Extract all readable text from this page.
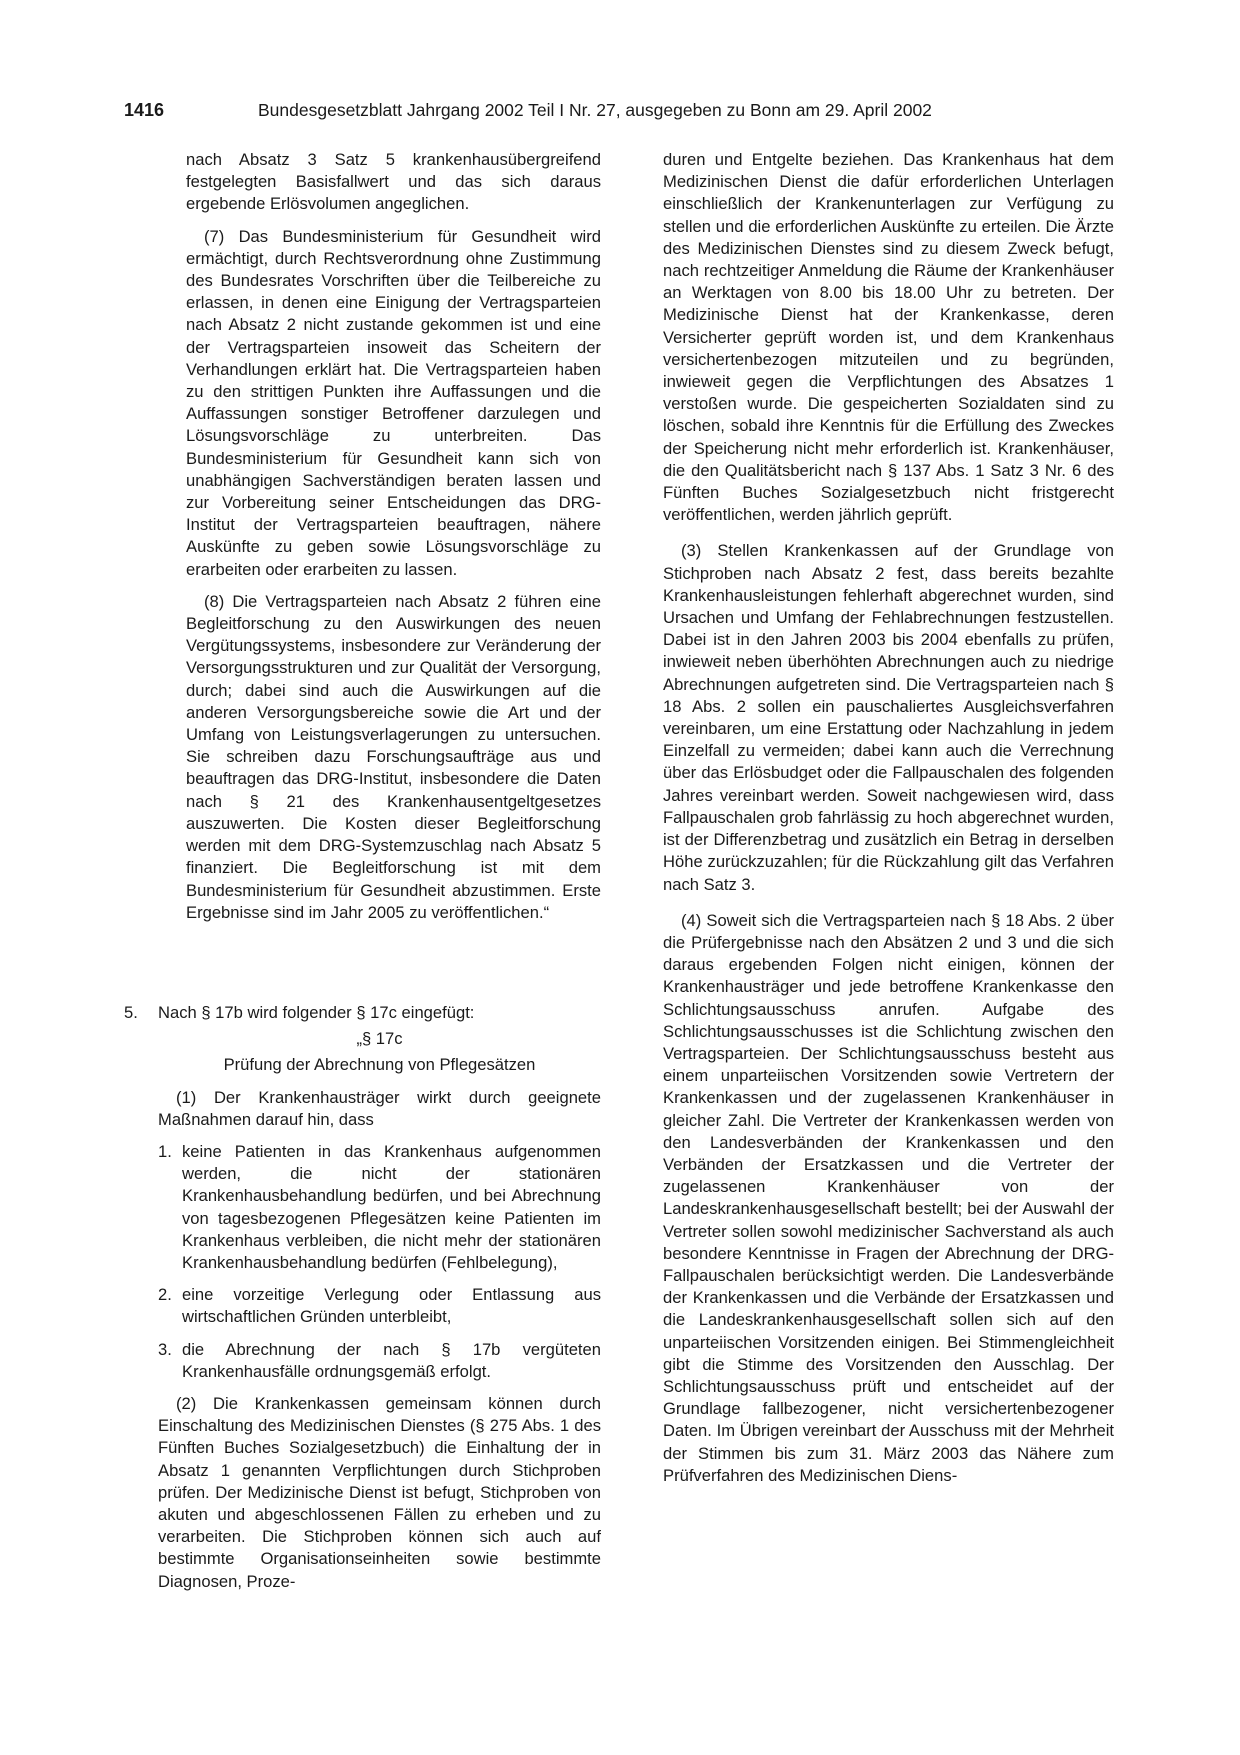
1416	Bundesgesetzblatt Jahrgang 2002 Teil I Nr. 27, ausgegeben zu Bonn am 29. April 2002

nach Absatz 3 Satz 5 krankenhausübergreifend festgelegten Basisfallwert und das sich daraus ergebende Erlösvolumen angeglichen.

(7) Das Bundesministerium für Gesundheit wird ermächtigt, durch Rechtsverordnung ohne Zustimmung des Bundesrates Vorschriften über die Teilbereiche zu erlassen, in denen eine Einigung der Vertragsparteien nach Absatz 2 nicht zustande gekommen ist und eine der Vertragsparteien insoweit das Scheitern der Verhandlungen erklärt hat. Die Vertragsparteien haben zu den strittigen Punkten ihre Auffassungen und die Auffassungen sonstiger Betroffener darzulegen und Lösungsvorschläge zu unterbreiten. Das Bundesministerium für Gesundheit kann sich von unabhängigen Sachverständigen beraten lassen und zur Vorbereitung seiner Entscheidungen das DRG-Institut der Vertragsparteien beauftragen, nähere Auskünfte zu geben sowie Lösungsvorschläge zu erarbeiten oder erarbeiten zu lassen.

(8) Die Vertragsparteien nach Absatz 2 führen eine Begleitforschung zu den Auswirkungen des neuen Vergütungssystems, insbesondere zur Veränderung der Versorgungsstrukturen und zur Qualität der Versorgung, durch; dabei sind auch die Auswirkungen auf die anderen Versorgungsbereiche sowie die Art und der Umfang von Leistungsverlagerungen zu untersuchen. Sie schreiben dazu Forschungsaufträge aus und beauftragen das DRG-Institut, insbesondere die Daten nach § 21 des Krankenhausentgeltgesetzes auszuwerten. Die Kosten dieser Begleitforschung werden mit dem DRG-Systemzuschlag nach Absatz 5 finanziert. Die Begleitforschung ist mit dem Bundesministerium für Gesundheit abzustimmen. Erste Ergebnisse sind im Jahr 2005 zu veröffentlichen.“

5.	Nach § 17b wird folgender § 17c eingefügt:

„§ 17c

Prüfung der Abrechnung von Pflegesätzen

(1) Der Krankenhausträger wirkt durch geeignete Maßnahmen darauf hin, dass

1. keine Patienten in das Krankenhaus aufgenommen werden, die nicht der stationären Krankenhausbehandlung bedürfen, und bei Abrechnung von tagesbezogenen Pflegesätzen keine Patienten im Krankenhaus verbleiben, die nicht mehr der stationären Krankenhausbehandlung bedürfen (Fehlbelegung),
2. eine vorzeitige Verlegung oder Entlassung aus wirtschaftlichen Gründen unterbleibt,
3. die Abrechnung der nach § 17b vergüteten Krankenhausfälle ordnungsgemäß erfolgt.

(2) Die Krankenkassen gemeinsam können durch Einschaltung des Medizinischen Dienstes (§ 275 Abs. 1 des Fünften Buches Sozialgesetzbuch) die Einhaltung der in Absatz 1 genannten Verpflichtungen durch Stichproben prüfen. Der Medizinische Dienst ist befugt, Stichproben von akuten und abgeschlossenen Fällen zu erheben und zu verarbeiten. Die Stichproben können sich auch auf bestimmte Organisationseinheiten sowie bestimmte Diagnosen, Proze-

duren und Entgelte beziehen. Das Krankenhaus hat dem Medizinischen Dienst die dafür erforderlichen Unterlagen einschließlich der Krankenunterlagen zur Verfügung zu stellen und die erforderlichen Auskünfte zu erteilen. Die Ärzte des Medizinischen Dienstes sind zu diesem Zweck befugt, nach rechtzeitiger Anmeldung die Räume der Krankenhäuser an Werktagen von 8.00 bis 18.00 Uhr zu betreten. Der Medizinische Dienst hat der Krankenkasse, deren Versicherter geprüft worden ist, und dem Krankenhaus versichertenbezogen mitzuteilen und zu begründen, inwieweit gegen die Verpflichtungen des Absatzes 1 verstoßen wurde. Die gespeicherten Sozialdaten sind zu löschen, sobald ihre Kenntnis für die Erfüllung des Zweckes der Speicherung nicht mehr erforderlich ist. Krankenhäuser, die den Qualitätsbericht nach § 137 Abs. 1 Satz 3 Nr. 6 des Fünften Buches Sozialgesetzbuch nicht fristgerecht veröffentlichen, werden jährlich geprüft.

(3) Stellen Krankenkassen auf der Grundlage von Stichproben nach Absatz 2 fest, dass bereits bezahlte Krankenhausleistungen fehlerhaft abgerechnet wurden, sind Ursachen und Umfang der Fehlabrechnungen festzustellen. Dabei ist in den Jahren 2003 bis 2004 ebenfalls zu prüfen, inwieweit neben überhöhten Abrechnungen auch zu niedrige Abrechnungen aufgetreten sind. Die Vertragsparteien nach § 18 Abs. 2 sollen ein pauschaliertes Ausgleichsverfahren vereinbaren, um eine Erstattung oder Nachzahlung in jedem Einzelfall zu vermeiden; dabei kann auch die Verrechnung über das Erlösbudget oder die Fallpauschalen des folgenden Jahres vereinbart werden. Soweit nachgewiesen wird, dass Fallpauschalen grob fahrlässig zu hoch abgerechnet wurden, ist der Differenzbetrag und zusätzlich ein Betrag in derselben Höhe zurückzuzahlen; für die Rückzahlung gilt das Verfahren nach Satz 3.

(4) Soweit sich die Vertragsparteien nach § 18 Abs. 2 über die Prüfergebnisse nach den Absätzen 2 und 3 und die sich daraus ergebenden Folgen nicht einigen, können der Krankenhausträger und jede betroffene Krankenkasse den Schlichtungsausschuss anrufen. Aufgabe des Schlichtungsausschusses ist die Schlichtung zwischen den Vertragsparteien. Der Schlichtungsausschuss besteht aus einem unparteiischen Vorsitzenden sowie Vertretern der Krankenkassen und der zugelassenen Krankenhäuser in gleicher Zahl. Die Vertreter der Krankenkassen werden von den Landesverbänden der Krankenkassen und den Verbänden der Ersatzkassen und die Vertreter der zugelassenen Krankenhäuser von der Landeskrankenhausgesellschaft bestellt; bei der Auswahl der Vertreter sollen sowohl medizinischer Sachverstand als auch besondere Kenntnisse in Fragen der Abrechnung der DRG-Fallpauschalen berücksichtigt werden. Die Landesverbände der Krankenkassen und die Verbände der Ersatzkassen und die Landeskrankenhausgesellschaft sollen sich auf den unparteiischen Vorsitzenden einigen. Bei Stimmengleichheit gibt die Stimme des Vorsitzenden den Ausschlag. Der Schlichtungsausschuss prüft und entscheidet auf der Grundlage fallbezogener, nicht versichertenbezogener Daten. Im Übrigen vereinbart der Ausschuss mit der Mehrheit der Stimmen bis zum 31. März 2003 das Nähere zum Prüfverfahren des Medizinischen Diens-
